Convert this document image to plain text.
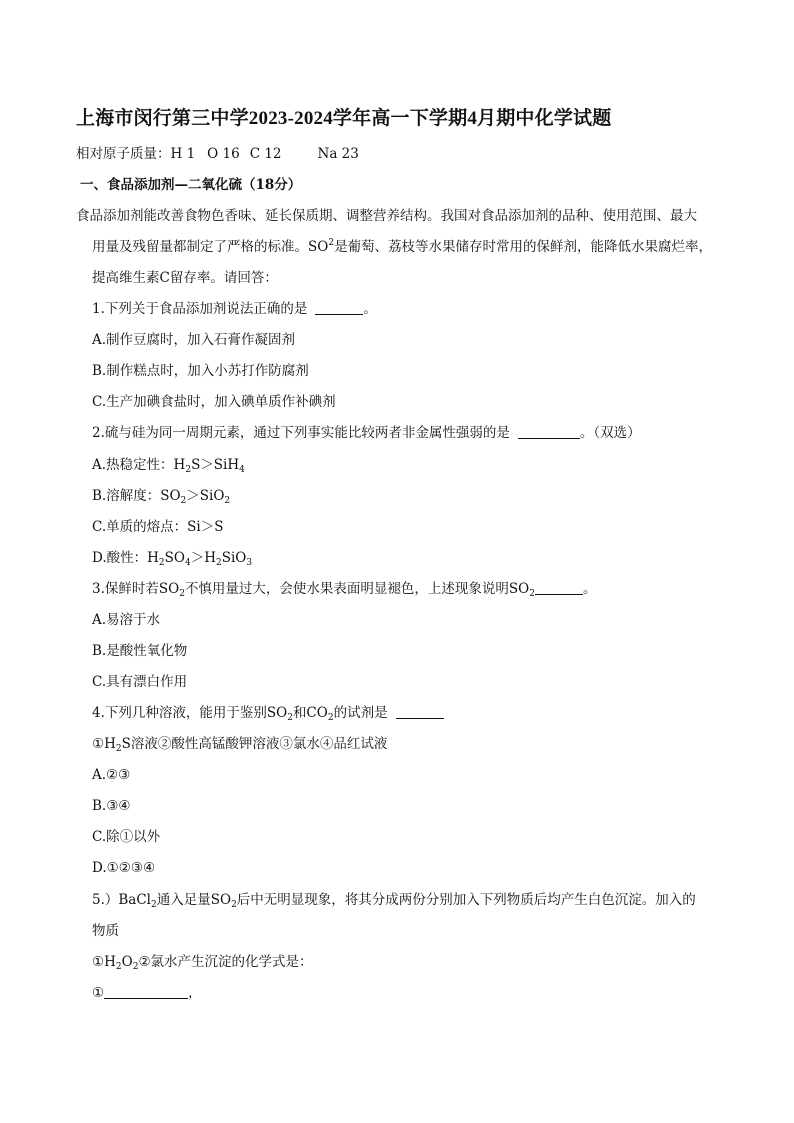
上海市闵行第三中学2023-2024学年高一下学期4月期中化学试题
相对原子质量：H 1 O 16 C 12	Na 23
一、食品添加剂—二氧化硫（18分）
食品添加剂能改善食物色香味、延长保质期、调整营养结构。我国对食品添加剂的品种、使用范围、最大
用量及残留量都制定了严格的标准。$SO^2$是葡萄、荔枝等水果储存时常用的保鲜剂，能降低水果腐烂率，
提高维生素C留存率。请回答：
1.下列关于食品添加剂说法正确的是	。
A.制作豆腐时，加入石膏作凝固剂
B.制作糕点时，加入小苏打作防腐剂
C.生产加碘食盐时，加入碘单质作补碘剂
2.硫与硅为同一周期元素，通过下列事实能比较两者非金属性强弱的是	。（双选）
A.热稳定性：$H_2S>SiH_4$
B.溶解度：$SO_2>SiO_2$
C.单质的熔点：Si＞S
D.酸性：$H_2SO_4>H_2SiO_3$
3.保鲜时若$SO_2$不慎用量过大，会使水果表面明显褪色，上述现象说明$SO_2$	。
A.易溶于水
B.是酸性氧化物
C.具有漂白作用
4.下列几种溶液，能用于鉴别$SO_2$和$CO_2$的试剂是
$①H_2S$溶液②酸性高锰酸钾溶液③氯水④品红试液
A.②③
B.③④
C.除①以外
D.①②③④
5.）BaCl$_2$通入足量$SO_2$后中无明显现象，将其分成两份分别加入下列物质后均产生白色沉淀。加入的
物质
$①H_2O_2②$氯水产生沉淀的化学式是：
①	，
